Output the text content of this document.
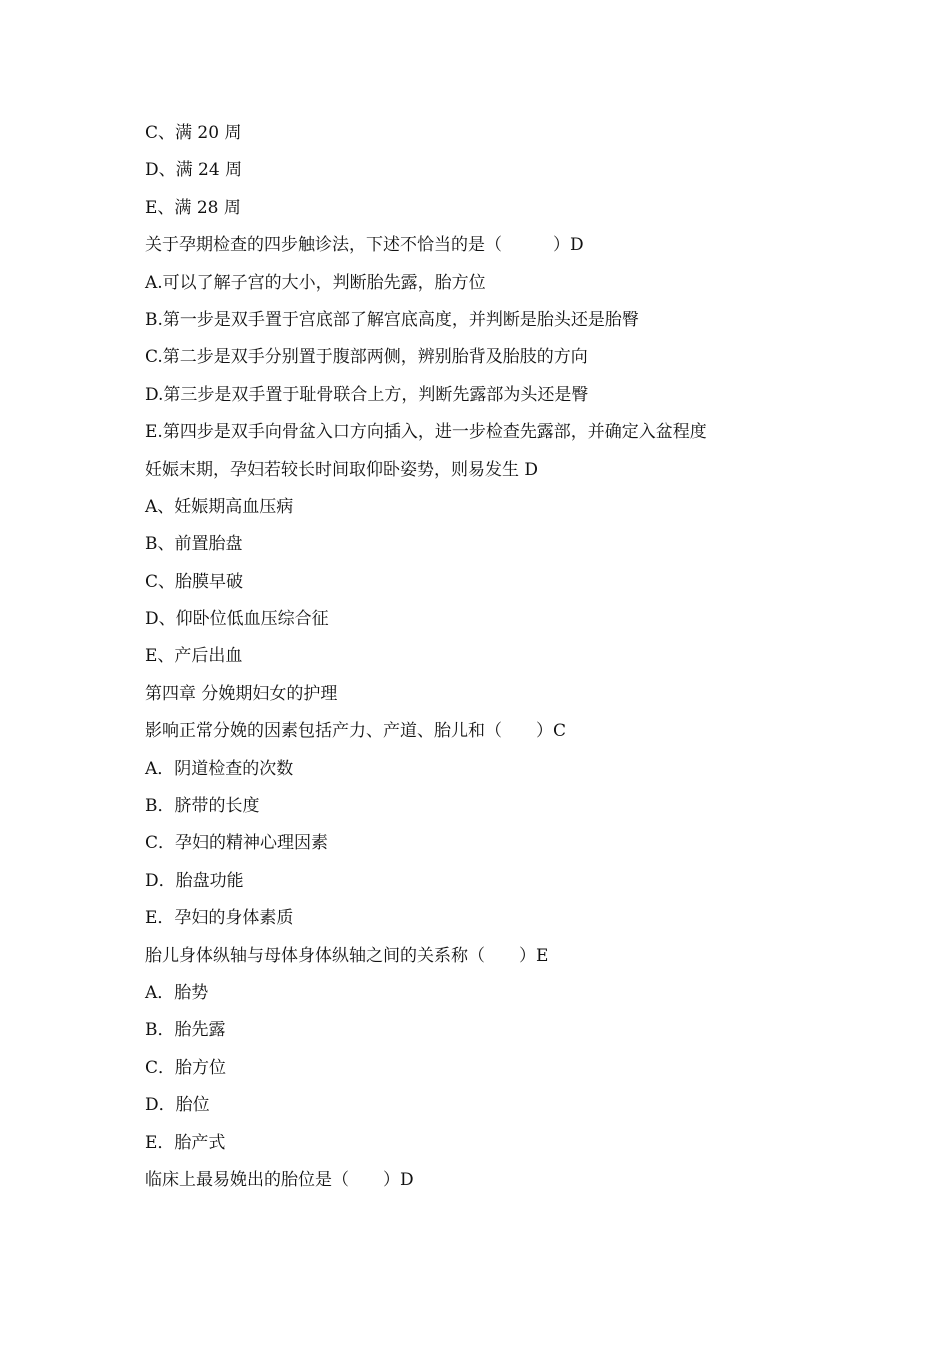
C、满 20 周
D、满 24 周
E、满 28 周
关于孕期检查的四步触诊法，下述不恰当的是（　　　）D
A.可以了解子宫的大小，判断胎先露，胎方位
B.第一步是双手置于宫底部了解宫底高度，并判断是胎头还是胎臀
C.第二步是双手分别置于腹部两侧，辨别胎背及胎肢的方向
D.第三步是双手置于耻骨联合上方，判断先露部为头还是臀
E.第四步是双手向骨盆入口方向插入，进一步检查先露部，并确定入盆程度
妊娠末期，孕妇若较长时间取仰卧姿势，则易发生 D
A、妊娠期高血压病
B、前置胎盘
C、胎膜早破
D、仰卧位低血压综合征
E、产后出血
第四章 分娩期妇女的护理
影响正常分娩的因素包括产力、产道、胎儿和（　　）C
A．阴道检查的次数
B．脐带的长度
C．孕妇的精神心理因素
D．胎盘功能
E．孕妇的身体素质
胎儿身体纵轴与母体身体纵轴之间的关系称（　　）E
A．胎势
B．胎先露
C．胎方位
D．胎位
E．胎产式
临床上最易娩出的胎位是（　　）D
